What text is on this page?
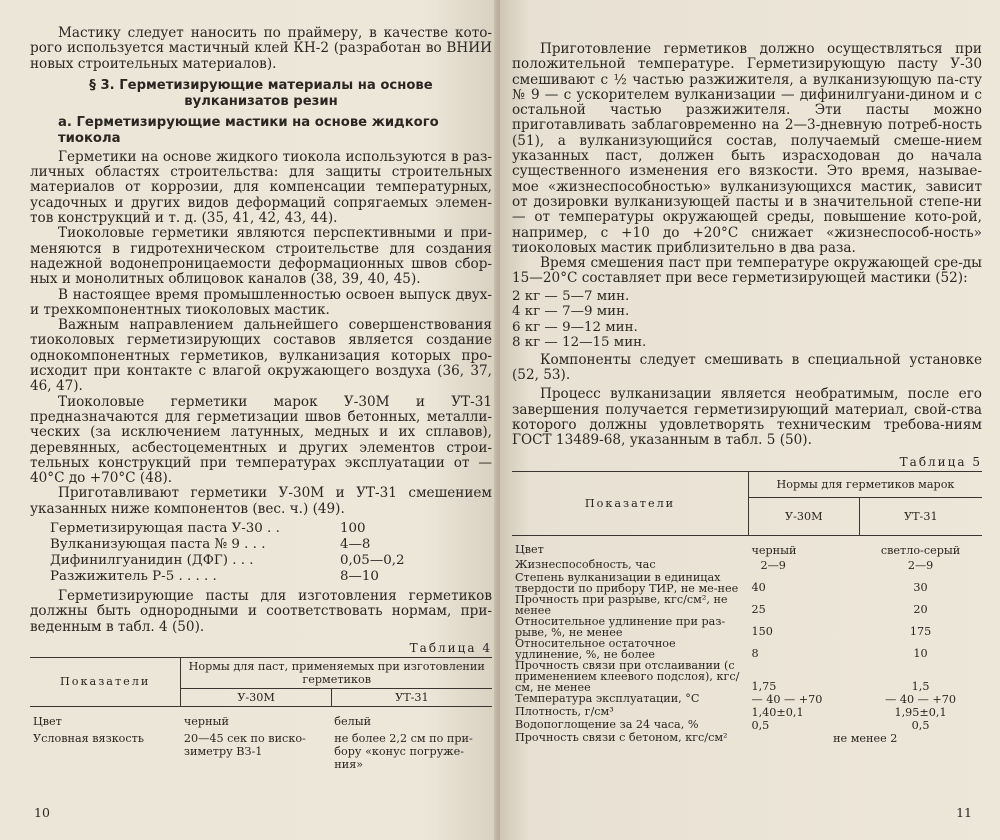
Мастику следует наносить по праймеру, в качестве кото-рого используется мастичный клей КН-2 (разработан во ВНИИ новых строительных материалов).

§ 3. Герметизирующие материалы на основе
вулканизатов резин
а. Герметизирующие мастики на основе жидкого тиокола

Герметики на основе жидкого тиокола используются в раз-личных областях строительства: для защиты строительных материалов от коррозии, для компенсации температурных, усадочных и других видов деформаций сопрягаемых элемен-тов конструкций и т. д. (35, 41, 42, 43, 44).

Тиоколовые герметики являются перспективными и при-меняются в гидротехническом строительстве для создания надежной водонепроницаемости деформационных швов сбор-ных и монолитных облицовок каналов (38, 39, 40, 45).

В настоящее время промышленностью освоен выпуск двух- и трехкомпонентных тиоколовых мастик.

Важным направлением дальнейшего совершенствования тиоколовых герметизирующих составов является создание однокомпонентных герметиков, вулканизация которых про-исходит при контакте с влагой окружающего воздуха (36, 37, 46, 47).

Тиоколовые герметики марок У-30М и УТ-31 предназначаются для герметизации швов бетонных, металли-ческих (за исключением латунных, медных и их сплавов), деревянных, асбестоцементных и других элементов строи-тельных конструкций при температурах эксплуатации от —40°С до +70°С (48).

Приготавливают герметики У-30М и УТ-31 смешением указанных ниже компонентов (вес. ч.) (49).

Герметизирующая паста У-30 . .	100
Вулканизующая паста № 9 . . .	4—8
Дифинилгуанидин (ДФГ) . . .	0,05—0,2
Разжижитель Р-5 . . . . .	8—10

Герметизирующие пасты для изготовления герметиков должны быть однородными и соответствовать нормам, при-веденным в табл. 4 (50).

Таблица 4
Показатели	Нормы для паст, применяемых при изготовлении герметиков	
	У-30М	УТ-31
Цвет	черный	белый
Условная вязкость	20—45 сек по виско-зиметру ВЗ-1	не более 2,2 см по при-бору «конус погруже-ния»
10

Приготовление герметиков должно осуществляться при положительной температуре. Герметизирующую пасту У-30 смешивают с ½ частью разжижителя, а вулканизующую па-сту № 9 — с ускорителем вулканизации — дифинилгуани-дином и с остальной частью разжижителя. Эти пасты можно приготавливать заблаговременно на 2—3-дневную потреб-ность (51), а вулканизующийся состав, получаемый смеше-нием указанных паст, должен быть израсходован до начала существенного изменения его вязкости. Это время, называе-мое «жизнеспособностью» вулканизующихся мастик, зависит от дозировки вулканизующей пасты и в значительной степе-ни — от температуры окружающей среды, повышение кото-рой, например, с +10 до +20°С снижает «жизнеспособ-ность» тиоколовых мастик приблизительно в два раза.

Время смешения паст при температуре окружающей сре-ды 15—20°С составляет при весе герметизирующей мастики (52):

2 кг — 5—7 мин.
4 кг — 7—9 мин.
6 кг — 9—12 мин.
8 кг — 12—15 мин.

Компоненты следует смешивать в специальной установке (52, 53).

Процесс вулканизации является необратимым, после его завершения получается герметизирующий материал, свой-ства которого должны удовлетворять техническим требова-ниям ГОСТ 13489-68, указанным в табл. 5 (50).

Таблица 5
Показатели	Нормы для герметиков марок	
	У-30М	УТ-31
Цвет	черный	светло-серый
Жизнеспособность, час	2—9	2—9
Степень вулканизации в единицах твердости по прибору ТИР, не ме-нее	40	30
Прочность при разрыве, кгс/см², не менее	25	20
Относительное удлинение при раз-рыве, %, не менее	150	175
Относительное остаточное удлинение, %, не более	8	10
Прочность связи при отслаивании (с применением клеевого подслоя), кгс/см, не менее	1,75	1,5
Температура эксплуатации, °С	— 40 — +70	— 40 — +70
Плотность, г/см³	1,40±0,1	1,95±0,1
Водопоглощение за 24 часа, %	0,5	0,5
Прочность связи с бетоном, кгс/см²	не менее 2	
11
